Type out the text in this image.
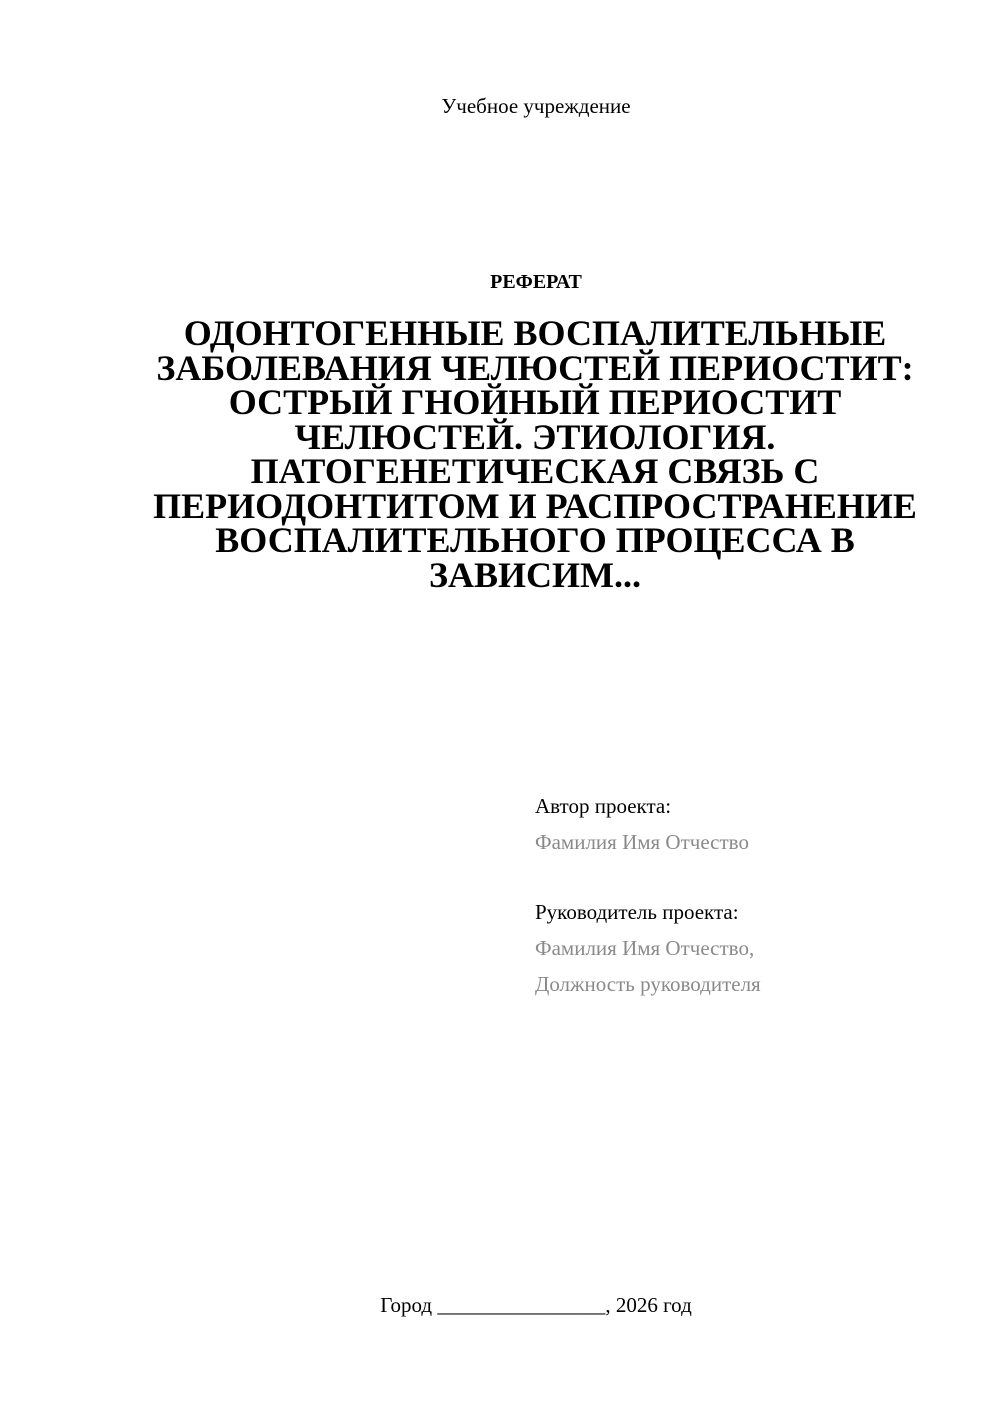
Учебное учреждение
РЕФЕРАТ
ОДОНТОГЕННЫЕ ВОСПАЛИТЕЛЬНЫЕ ЗАБОЛЕВАНИЯ ЧЕЛЮСТЕЙ ПЕРИОСТИТ: ОСТРЫЙ ГНОЙНЫЙ ПЕРИОСТИТ ЧЕЛЮСТЕЙ. ЭТИОЛОГИЯ. ПАТОГЕНЕТИЧЕСКАЯ СВЯЗЬ С ПЕРИОДОНТИТОМ И РАСПРОСТРАНЕНИЕ ВОСПАЛИТЕЛЬНОГО ПРОЦЕССА В ЗАВИСИМ...
Автор проекта:
Фамилия Имя Отчество
Руководитель проекта:
Фамилия Имя Отчество,
Должность руководителя
Город ________________, 2026 год
